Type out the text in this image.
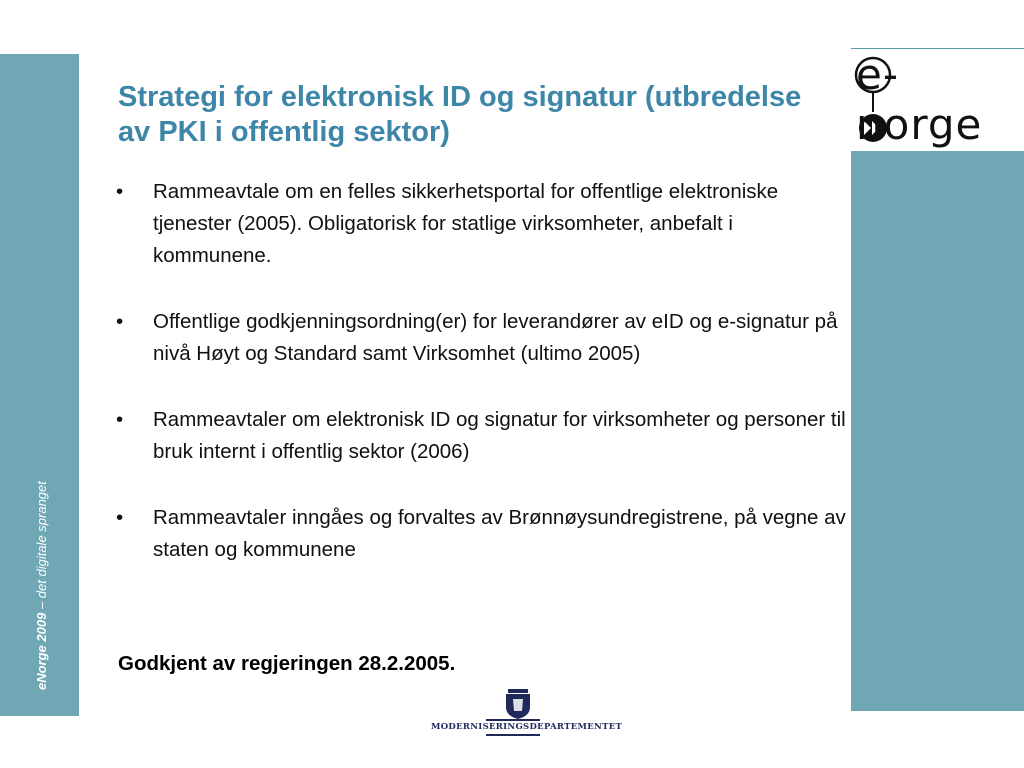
eNorge 2009 – det digitale spranget
e-norge
Strategi for elektronisk ID og signatur (utbredelse av PKI i offentlig sektor)
• Rammeavtale om en felles sikkerhetsportal for offentlige elektroniske tjenester (2005). Obligatorisk for statlige virksomheter, anbefalt i kommunene.
• Offentlige godkjenningsordning(er) for leverandører av eID og e-signatur på nivå Høyt og Standard samt Virksomhet (ultimo 2005)
• Rammeavtaler om elektronisk ID og signatur for virksomheter og personer til bruk internt i offentlig sektor (2006)
• Rammeavtaler inngåes og forvaltes av Brønnøysundregistrene, på vegne av staten og kommunene
Godkjent av regjeringen 28.2.2005.
MODERNISERINGSDEPARTEMENTET
